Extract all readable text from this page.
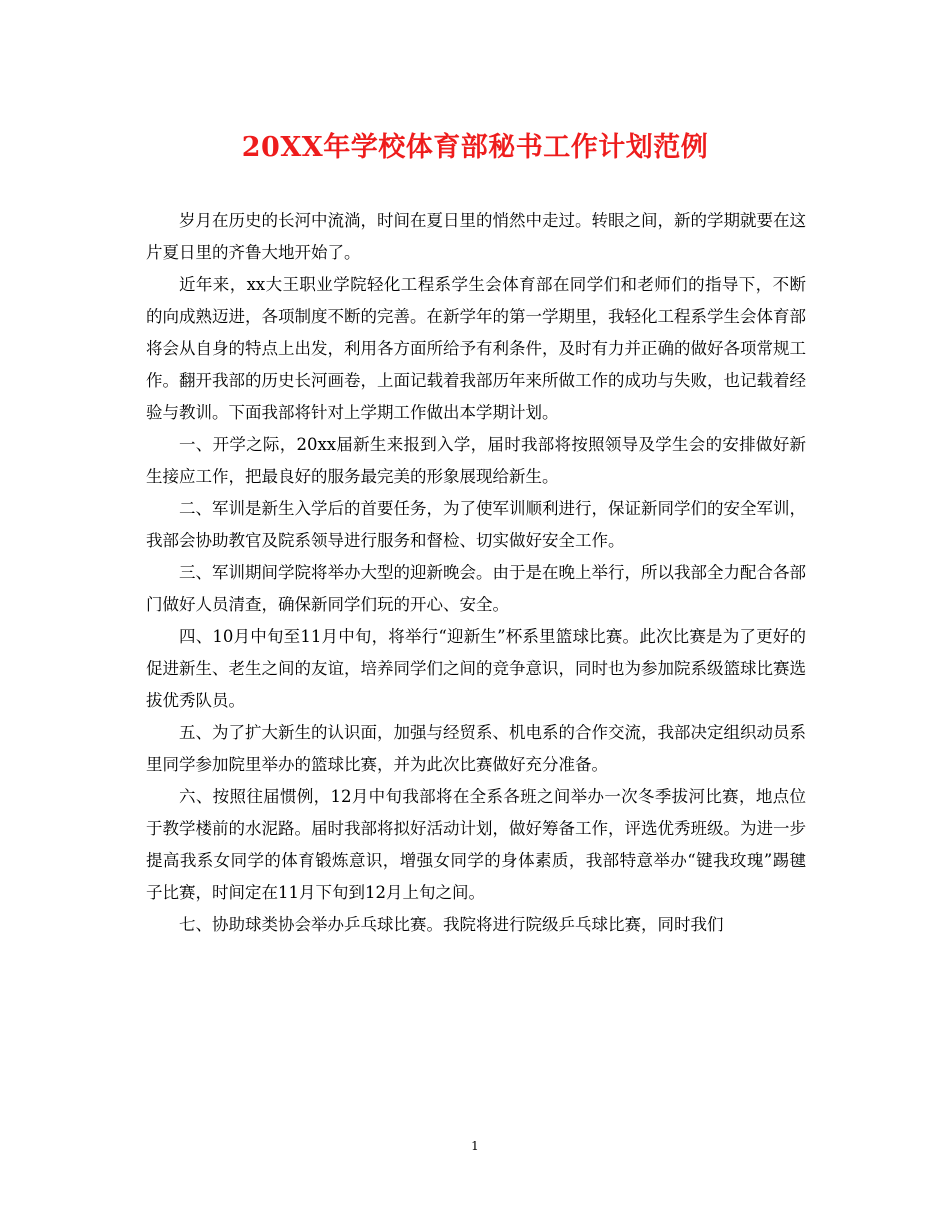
20XX年学校体育部秘书工作计划范例

岁月在历史的长河中流淌，时间在夏日里的悄然中走过。转眼之间，新的学期就要在这片夏日里的齐鲁大地开始了。

近年来，xx大王职业学院轻化工程系学生会体育部在同学们和老师们的指导下，不断的向成熟迈进，各项制度不断的完善。在新学年的第一学期里，我轻化工程系学生会体育部将会从自身的特点上出发，利用各方面所给予有利条件，及时有力并正确的做好各项常规工作。翻开我部的历史长河画卷，上面记载着我部历年来所做工作的成功与失败，也记载着经验与教训。下面我部将针对上学期工作做出本学期计划。

一、开学之际，20xx届新生来报到入学，届时我部将按照领导及学生会的安排做好新生接应工作，把最良好的服务最完美的形象展现给新生。

二、军训是新生入学后的首要任务，为了使军训顺利进行，保证新同学们的安全军训，我部会协助教官及院系领导进行服务和督检、切实做好安全工作。

三、军训期间学院将举办大型的迎新晚会。由于是在晚上举行，所以我部全力配合各部门做好人员清查，确保新同学们玩的开心、安全。

四、10月中旬至11月中旬，将举行“迎新生”杯系里篮球比赛。此次比赛是为了更好的促进新生、老生之间的友谊，培养同学们之间的竞争意识，同时也为参加院系级篮球比赛选拔优秀队员。

五、为了扩大新生的认识面，加强与经贸系、机电系的合作交流，我部决定组织动员系里同学参加院里举办的篮球比赛，并为此次比赛做好充分准备。

六、按照往届惯例，12月中旬我部将在全系各班之间举办一次冬季拔河比赛，地点位于教学楼前的水泥路。届时我部将拟好活动计划，做好筹备工作，评选优秀班级。为进一步提高我系女同学的体育锻炼意识，增强女同学的身体素质，我部特意举办“键我玫瑰”踢毽子比赛，时间定在11月下旬到12月上旬之间。

七、协助球类协会举办乒乓球比赛。我院将进行院级乒乓球比赛，同时我们

1
